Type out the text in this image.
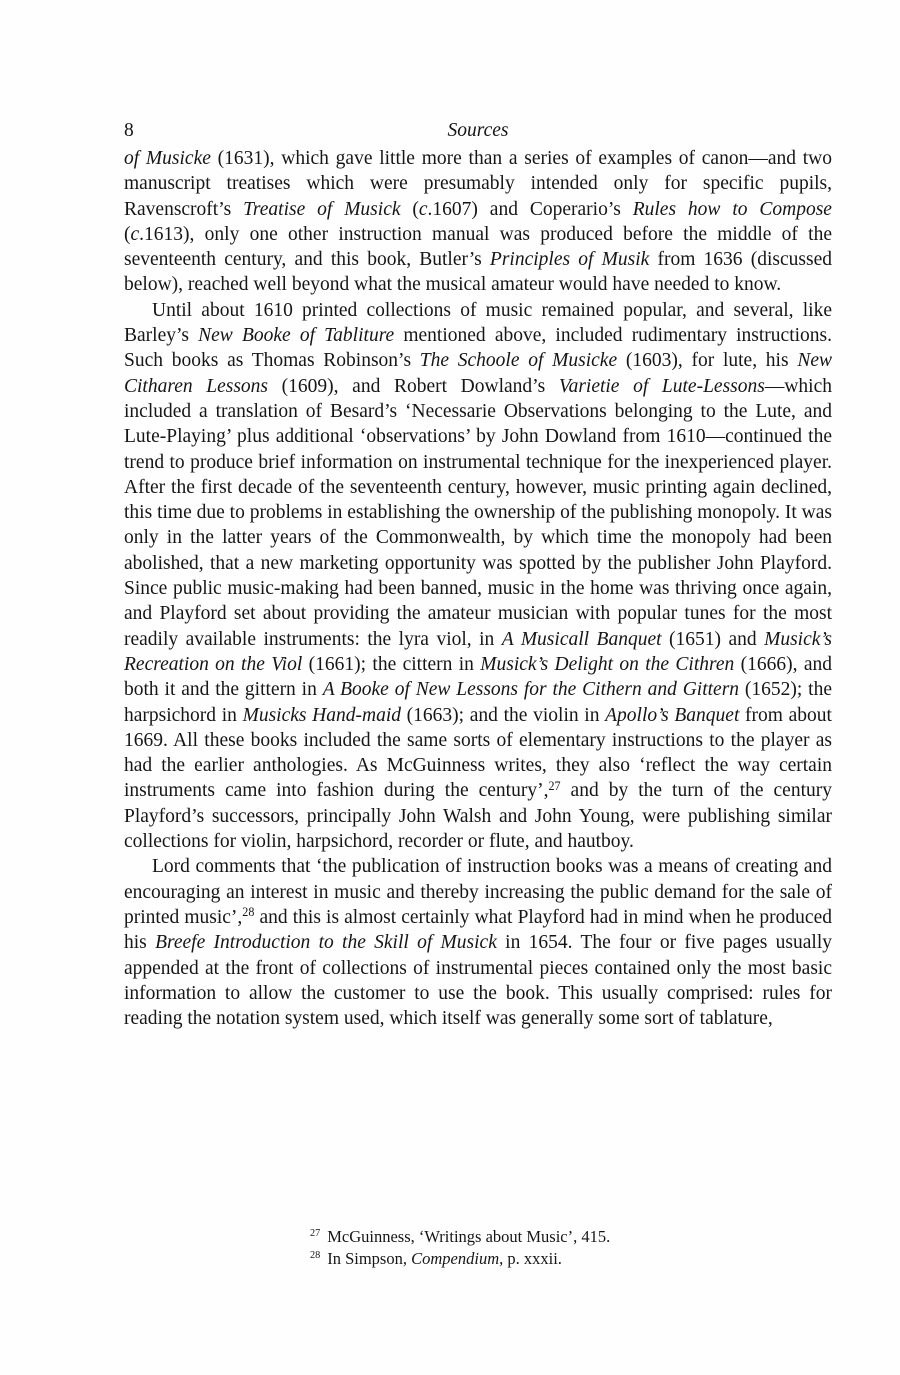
8	Sources

of Musicke (1631), which gave little more than a series of examples of canon—and two manuscript treatises which were presumably intended only for specific pupils, Ravenscroft’s Treatise of Musick (c.1607) and Coperario’s Rules how to Compose (c.1613), only one other instruction manual was produced before the middle of the seventeenth century, and this book, Butler’s Principles of Musik from 1636 (discussed below), reached well beyond what the musical amateur would have needed to know.

Until about 1610 printed collections of music remained popular, and several, like Barley’s New Booke of Tabliture mentioned above, included rudimentary instructions. Such books as Thomas Robinson’s The Schoole of Musicke (1603), for lute, his New Citharen Lessons (1609), and Robert Dowland’s Varietie of Lute-Lessons—which included a translation of Besard’s ‘Necessarie Observations belonging to the Lute, and Lute-Playing’ plus additional ‘observations’ by John Dowland from 1610—continued the trend to produce brief information on instrumental technique for the inexperienced player. After the first decade of the seventeenth century, however, music printing again declined, this time due to problems in establishing the ownership of the publishing monopoly. It was only in the latter years of the Commonwealth, by which time the monopoly had been abolished, that a new marketing opportunity was spotted by the publisher John Playford. Since public music-making had been banned, music in the home was thriving once again, and Playford set about providing the amateur musician with popular tunes for the most readily available instruments: the lyra viol, in A Musicall Banquet (1651) and Musick’s Recreation on the Viol (1661); the cittern in Musick’s Delight on the Cithren (1666), and both it and the gittern in A Booke of New Lessons for the Cithern and Gittern (1652); the harpsichord in Musicks Hand-maid (1663); and the violin in Apollo’s Banquet from about 1669. All these books included the same sorts of elementary instructions to the player as had the earlier anthologies. As McGuinness writes, they also ‘reflect the way certain instruments came into fashion during the century’,$^{27}$ and by the turn of the century Playford’s successors, principally John Walsh and John Young, were publishing similar collections for violin, harpsichord, recorder or flute, and hautboy.

Lord comments that ‘the publication of instruction books was a means of creating and encouraging an interest in music and thereby increasing the public demand for the sale of printed music’,$^{28}$ and this is almost certainly what Playford had in mind when he produced his Breefe Introduction to the Skill of Musick in 1654. The four or five pages usually appended at the front of collections of instrumental pieces contained only the most basic information to allow the customer to use the book. This usually comprised: rules for reading the notation system used, which itself was generally some sort of tablature,

$^{27}$ McGuinness, ‘Writings about Music’, 415.
$^{28}$ In Simpson, Compendium, p. xxxii.
